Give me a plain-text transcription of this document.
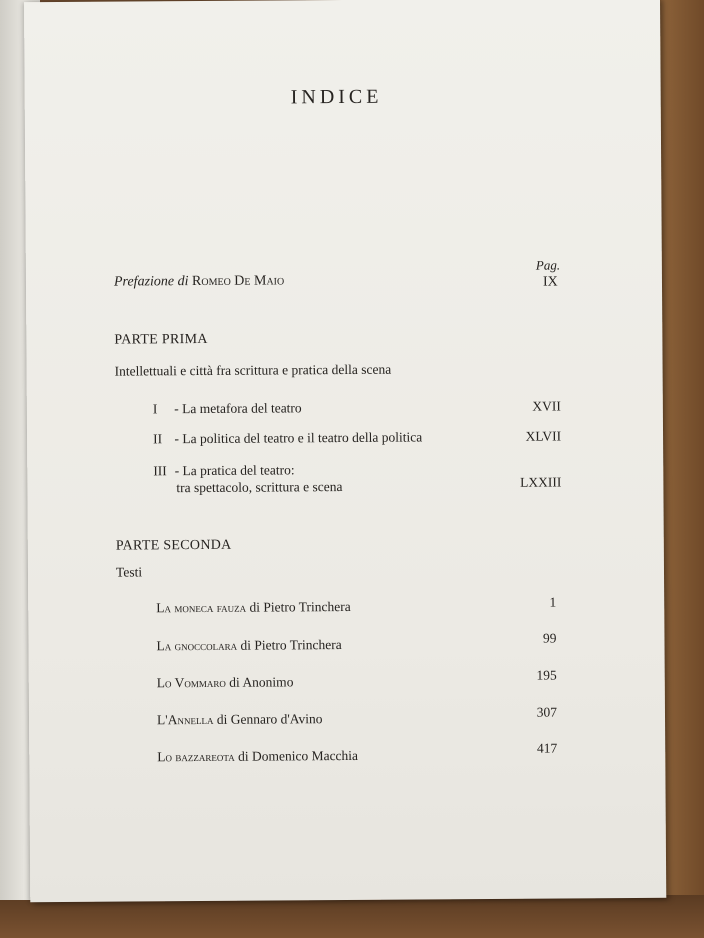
INDICE
Pag.
Prefazione di Romeo De Maio	IX
PARTE PRIMA
Intellettuali e città fra scrittura e pratica della scena
I - La metafora del teatro	XVII
II - La politica del teatro e il teatro della politica	XLVII
III - La pratica del teatro:
tra spettacolo, scrittura e scena	LXXIII
PARTE SECONDA
Testi
La moneca fauza di Pietro Trinchera	1
La gnoccolara di Pietro Trinchera	99
Lo Vommaro di Anonimo	195
L'Annella di Gennaro d'Avino	307
Lo bazzareota di Domenico Macchia	417
